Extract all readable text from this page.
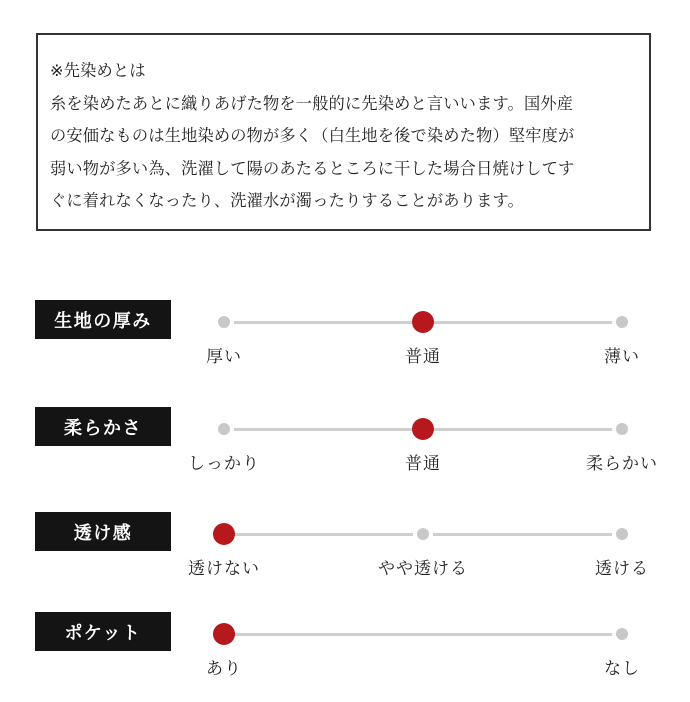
※先染めとは
糸を染めたあとに織りあげた物を一般的に先染めと言いいます。国外産
の安価なものは生地染めの物が多く（白生地を後で染めた物）堅牢度が
弱い物が多い為、洗濯して陽のあたるところに干した場合日焼けしてす
ぐに着れなくなったり、洗濯水が濁ったりすることがあります。
生地の厚み
厚い	普通	薄い
柔らかさ
しっかり	普通	柔らかい
透け感
透けない	やや透ける	透ける
ポケット
あり	なし
